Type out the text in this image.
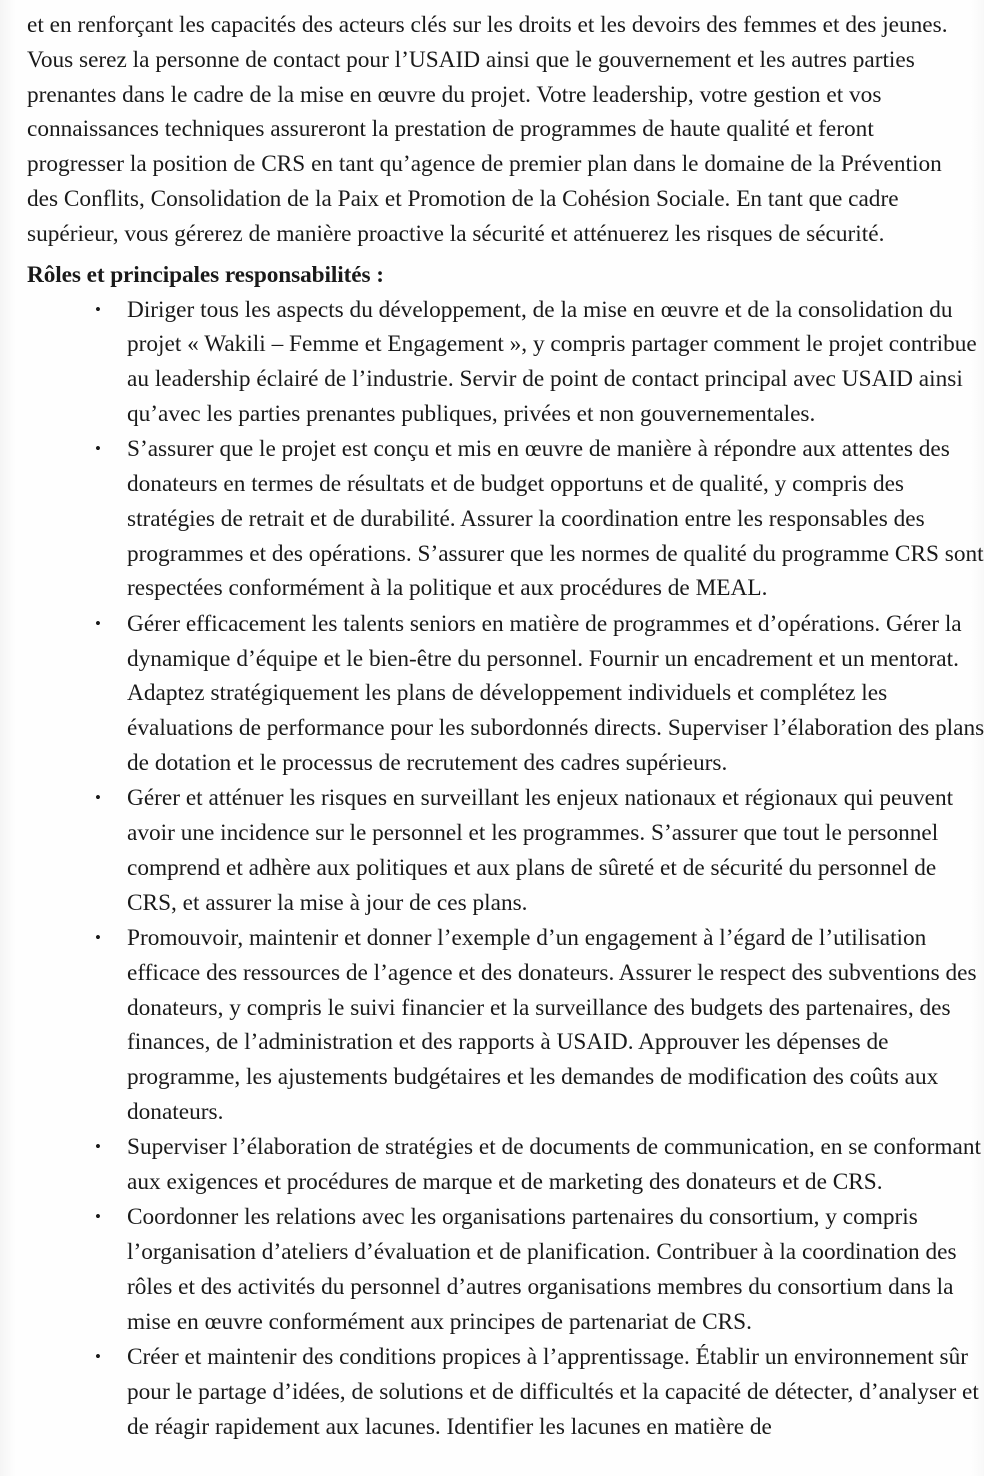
et en renforçant les capacités des acteurs clés sur les droits et les devoirs des femmes et des jeunes. Vous serez la personne de contact pour l’USAID ainsi que le gouvernement et les autres parties prenantes dans le cadre de la mise en œuvre du projet. Votre leadership, votre gestion et vos connaissances techniques assureront la prestation de programmes de haute qualité et feront progresser la position de CRS en tant qu’agence de premier plan dans le domaine de la Prévention des Conflits, Consolidation de la Paix et Promotion de la Cohésion Sociale. En tant que cadre supérieur, vous gérerez de manière proactive la sécurité et atténuerez les risques de sécurité.

Rôles et principales responsabilités :
• Diriger tous les aspects du développement, de la mise en œuvre et de la consolidation du projet « Wakili – Femme et Engagement », y compris partager comment le projet contribue au leadership éclairé de l’industrie. Servir de point de contact principal avec USAID ainsi qu’avec les parties prenantes publiques, privées et non gouvernementales.
• S’assurer que le projet est conçu et mis en œuvre de manière à répondre aux attentes des donateurs en termes de résultats et de budget opportuns et de qualité, y compris des stratégies de retrait et de durabilité. Assurer la coordination entre les responsables des programmes et des opérations. S’assurer que les normes de qualité du programme CRS sont respectées conformément à la politique et aux procédures de MEAL.
• Gérer efficacement les talents seniors en matière de programmes et d’opérations. Gérer la dynamique d’équipe et le bien-être du personnel. Fournir un encadrement et un mentorat. Adaptez stratégiquement les plans de développement individuels et complétez les évaluations de performance pour les subordonnés directs. Superviser l’élaboration des plans de dotation et le processus de recrutement des cadres supérieurs.
• Gérer et atténuer les risques en surveillant les enjeux nationaux et régionaux qui peuvent avoir une incidence sur le personnel et les programmes. S’assurer que tout le personnel comprend et adhère aux politiques et aux plans de sûreté et de sécurité du personnel de CRS, et assurer la mise à jour de ces plans.
• Promouvoir, maintenir et donner l’exemple d’un engagement à l’égard de l’utilisation efficace des ressources de l’agence et des donateurs. Assurer le respect des subventions des donateurs, y compris le suivi financier et la surveillance des budgets des partenaires, des finances, de l’administration et des rapports à USAID. Approuver les dépenses de programme, les ajustements budgétaires et les demandes de modification des coûts aux donateurs.
• Superviser l’élaboration de stratégies et de documents de communication, en se conformant aux exigences et procédures de marque et de marketing des donateurs et de CRS.
• Coordonner les relations avec les organisations partenaires du consortium, y compris l’organisation d’ateliers d’évaluation et de planification. Contribuer à la coordination des rôles et des activités du personnel d’autres organisations membres du consortium dans la mise en œuvre conformément aux principes de partenariat de CRS.
• Créer et maintenir des conditions propices à l’apprentissage. Établir un environnement sûr pour le partage d’idées, de solutions et de difficultés et la capacité de détecter, d’analyser et de réagir rapidement aux lacunes. Identifier les lacunes en matière de
